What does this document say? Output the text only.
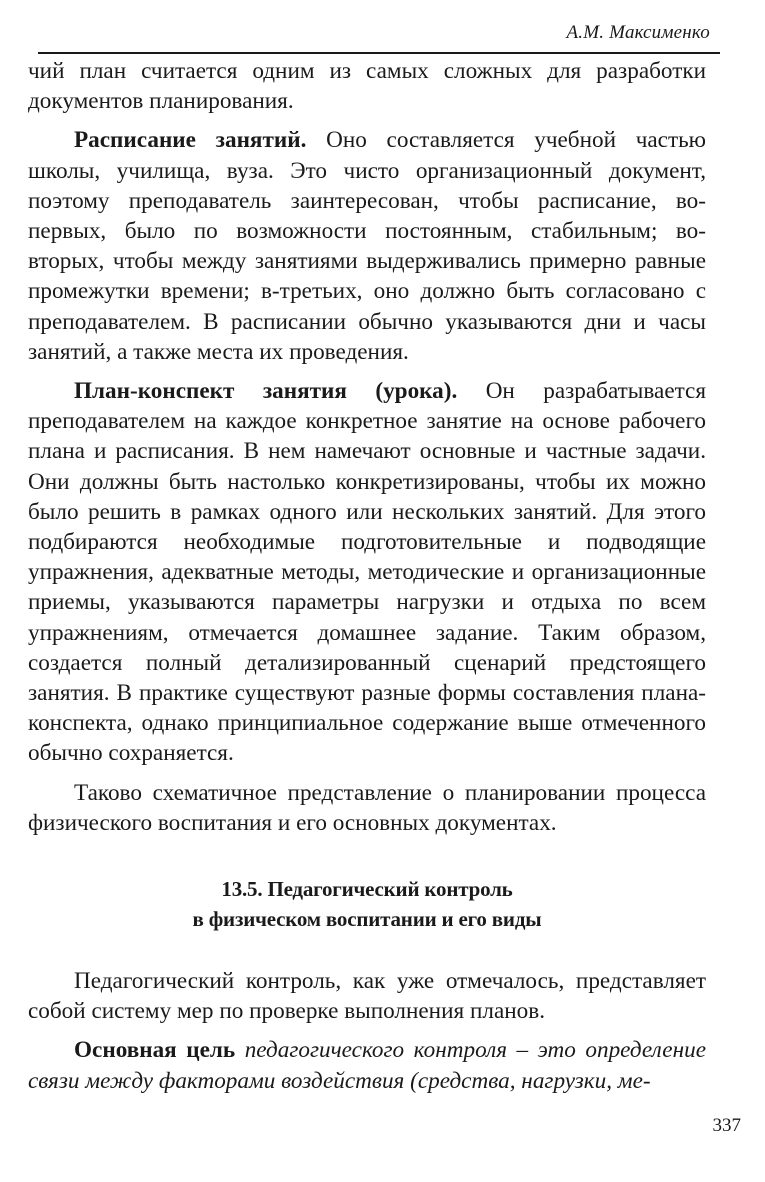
А.М. Максименко

чий план считается одним из самых сложных для разработки документов планирования.

Расписание занятий. Оно составляется учебной частью школы, училища, вуза. Это чисто организационный документ, поэтому преподаватель заинтересован, чтобы расписание, во-первых, было по возможности постоянным, стабильным; во-вторых, чтобы между занятиями выдерживались примерно равные промежутки времени; в-третьих, оно должно быть согласовано с преподавателем. В расписании обычно указываются дни и часы занятий, а также места их проведения.

План-конспект занятия (урока). Он разрабатывается преподавателем на каждое конкретное занятие на основе рабочего плана и расписания. В нем намечают основные и частные задачи. Они должны быть настолько конкретизированы, чтобы их можно было решить в рамках одного или нескольких занятий. Для этого подбираются необходимые подготовительные и подводящие упражнения, адекватные методы, методические и организационные приемы, указываются параметры нагрузки и отдыха по всем упражнениям, отмечается домашнее задание. Таким образом, создается полный детализированный сценарий предстоящего занятия. В практике существуют разные формы составления плана-конспекта, однако принципиальное содержание выше отмеченного обычно сохраняется.

Таково схематичное представление о планировании процесса физического воспитания и его основных документах.

13.5. Педагогический контроль
в физическом воспитании и его виды

Педагогический контроль, как уже отмечалось, представляет собой систему мер по проверке выполнения планов.

Основная цель педагогического контроля – это определение связи между факторами воздействия (средства, нагрузки, ме-

337
